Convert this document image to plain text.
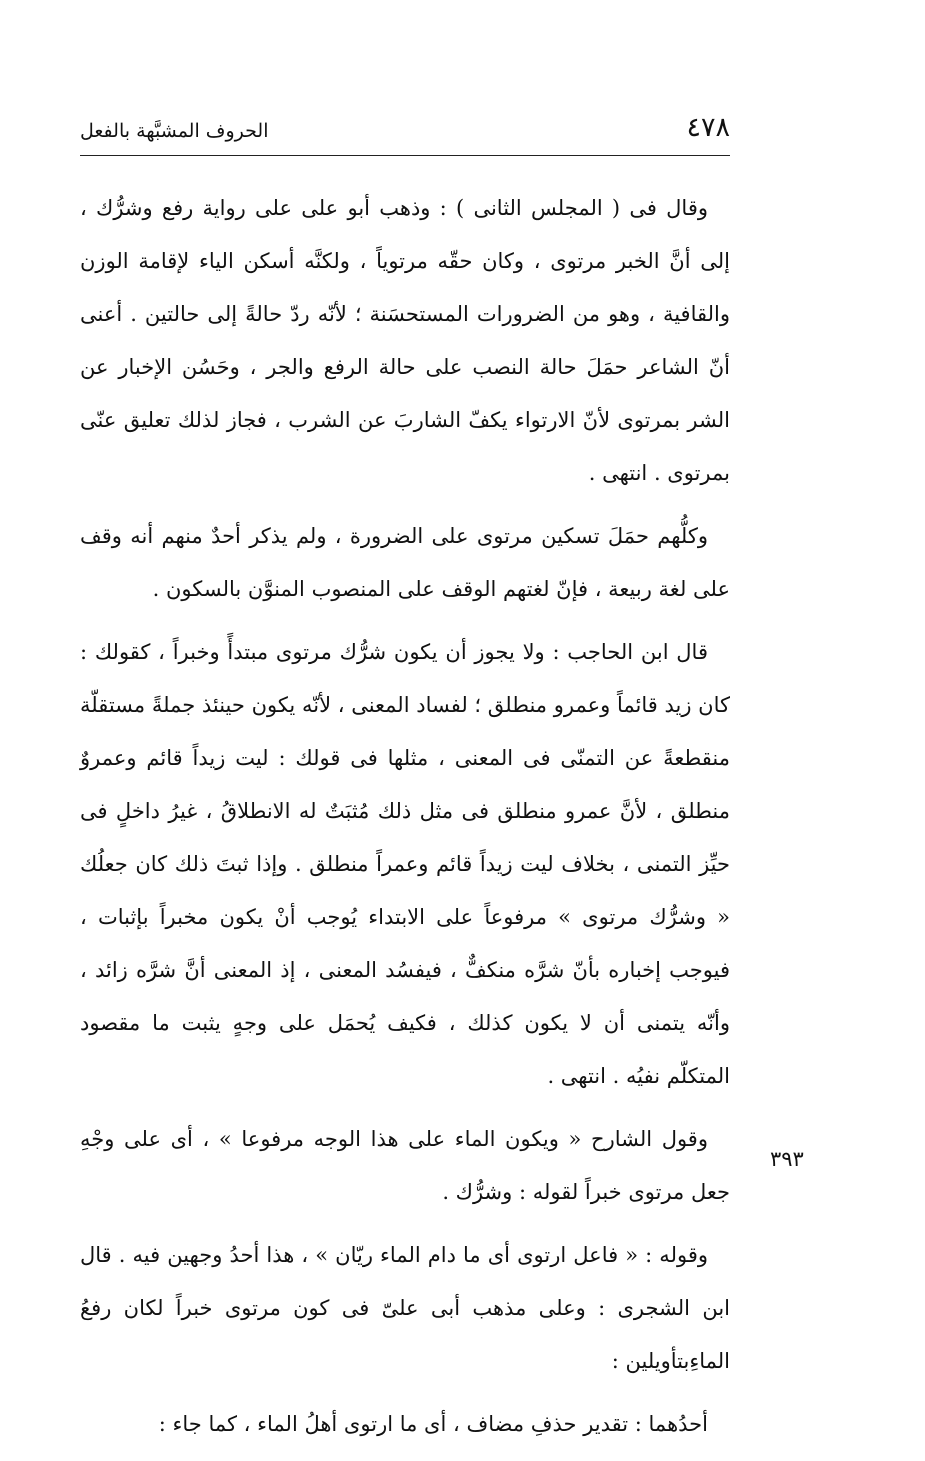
٤٧٨
الحروف المشبَّهة بالفعل

وقال فى ( المجلس الثانى ) : وذهب أبو على على رواية رفع وشرُّك ، إلى أنَّ الخبر مرتوى ، وكان حقّه مرتوياً ، ولكنَّه أسكن الياء لإقامة الوزن والقافية ، وهو من الضرورات المستحسَنة ؛ لأنّه ردّ حالةً إلى حالتين . أعنى أنّ الشاعر حمَلَ حالة النصب على حالة الرفع والجر ، وحَسُن الإخبار عن الشر بمرتوى لأنّ الارتواء يكفّ الشاربَ عن الشرب ، فجاز لذلك تعليق عنّى بمرتوى . انتهى .

وكلُّهم حمَلَ تسكين مرتوى على الضرورة ، ولم يذكر أحدٌ منهم أنه وقف على لغة ربيعة ، فإنّ لغتهم الوقف على المنصوب المنوَّن بالسكون .

قال ابن الحاجب : ولا يجوز أن يكون شرُّك مرتوى مبتدأً وخبراً ، كقولك : كان زيد قائماً وعمرو منطلق ؛ لفساد المعنى ، لأنّه يكون حينئذ جملةً مستقلّة منقطعةً عن التمنّى فى المعنى ، مثلها فى قولك : ليت زيداً قائم وعمروٌ منطلق ، لأنَّ عمرو منطلق فى مثل ذلك مُثبَتٌ له الانطلاقُ ، غيرُ داخلٍ فى حيِّز التمنى ، بخلاف ليت زيداً قائم وعمراً منطلق . وإذا ثبتَ ذلك كان جعلُك « وشرُّك مرتوى » مرفوعاً على الابتداء يُوجب أنْ يكون مخبراً بإثبات ، فيوجب إخباره بأنّ شرَّه منكفٌّ ، فيفسُد المعنى ، إذ المعنى أنَّ شرَّه زائد ، وأنّه يتمنى أن لا يكون كذلك ، فكيف يُحمَل على وجهٍ يثبت ما مقصود المتكلّم نفيُه . انتهى .

وقول الشارح « ويكون الماء على هذا الوجه مرفوعا » ، أى على وجْهِ جعل مرتوى خبراً لقوله : وشرُّك .

وقوله : « فاعل ارتوى أى ما دام الماء ريّان » ، هذا أحدُ وجهين فيه . قال ابن الشجرى : وعلى مذهب أبى علىّ فى كون مرتوى خبراً لكان رفعُ الماءِبتأويلين :

أحدُهما : تقدير حذفِ مضاف ، أى ما ارتوى أهلُ الماء ، كما جاء :

٣٩٣
